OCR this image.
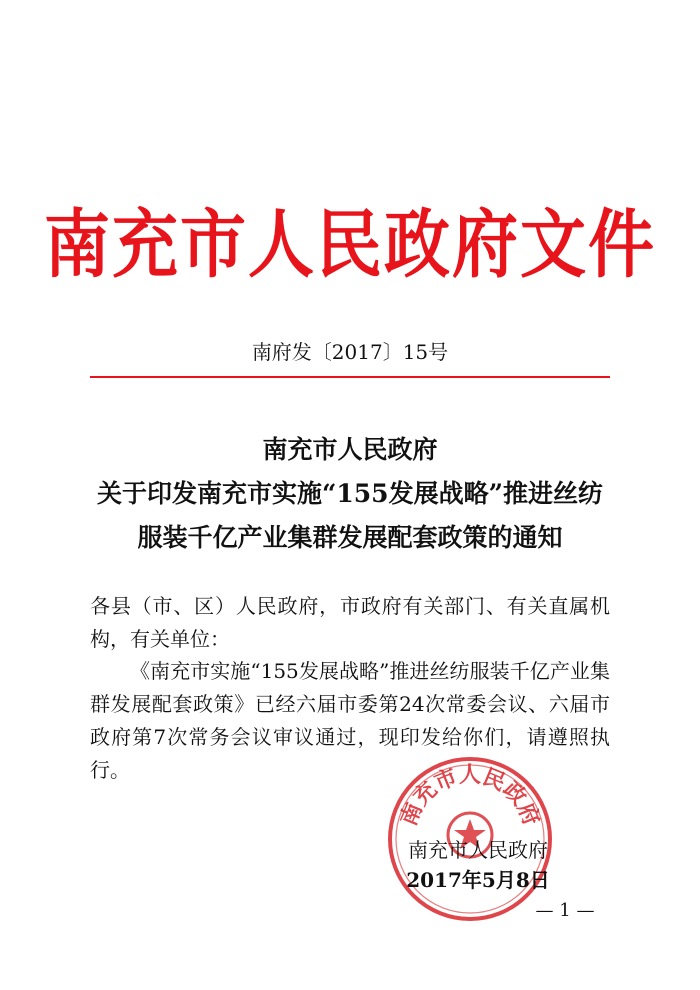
南充市人民政府文件
南府发〔2017〕15号
南充市人民政府
关于印发南充市实施“155发展战略”推进丝纺
服装千亿产业集群发展配套政策的通知
各县（市、区）人民政府，市政府有关部门、有关直属机构，有关单位：
《南充市实施“155发展战略”推进丝纺服装千亿产业集群发展配套政策》已经六届市委第24次常委会议、六届市政府第7次常务会议审议通过，现印发给你们，请遵照执行。
南充市人民政府
南充市人民政府
2017年5月8日
— 1 —
